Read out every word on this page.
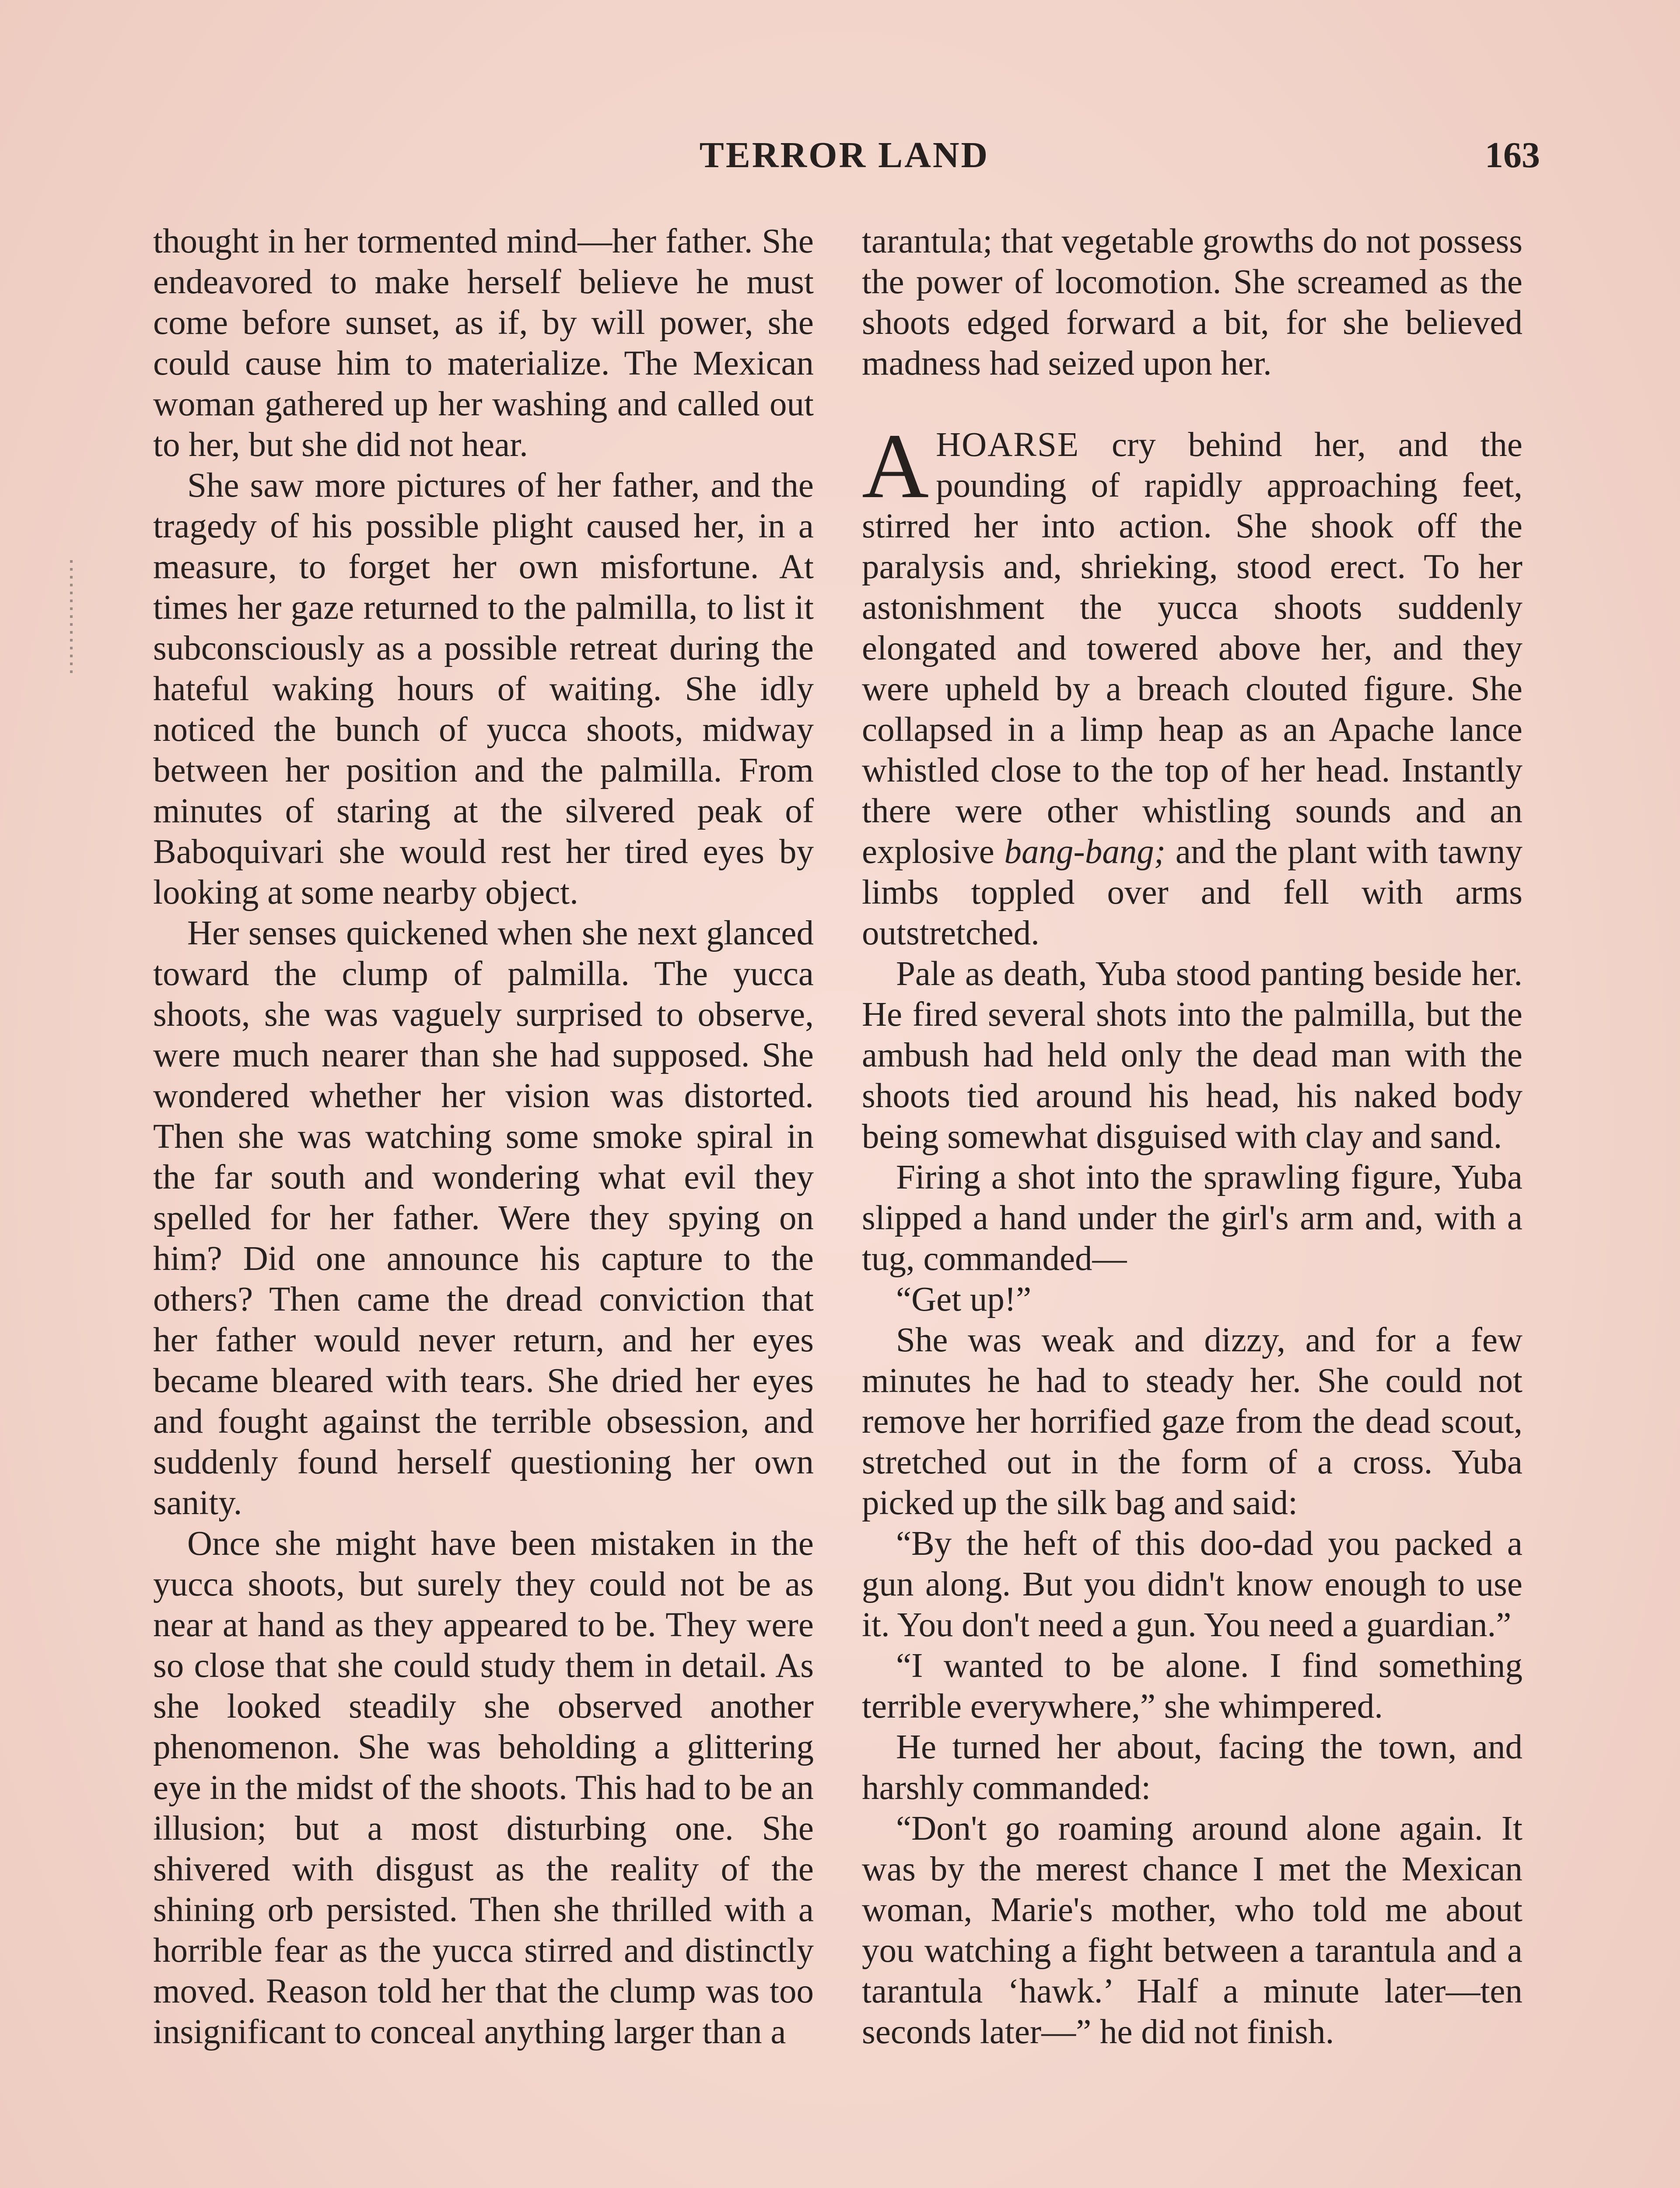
TERROR LAND	163

thought in her tormented mind—her father. She endeavored to make herself believe he must come before sunset, as if, by will power, she could cause him to materialize. The Mexican woman gathered up her washing and called out to her, but she did not hear.

She saw more pictures of her father, and the tragedy of his possible plight caused her, in a measure, to forget her own misfortune. At times her gaze returned to the palmilla, to list it subconsciously as a possible retreat during the hateful waking hours of waiting. She idly noticed the bunch of yucca shoots, midway between her position and the palmilla. From minutes of staring at the silvered peak of Baboquivari she would rest her tired eyes by looking at some nearby object.

Her senses quickened when she next glanced toward the clump of palmilla. The yucca shoots, she was vaguely surprised to observe, were much nearer than she had supposed. She wondered whether her vision was distorted. Then she was watching some smoke spiral in the far south and wondering what evil they spelled for her father. Were they spying on him? Did one announce his capture to the others? Then came the dread conviction that her father would never return, and her eyes became bleared with tears. She dried her eyes and fought against the terrible obsession, and suddenly found herself questioning her own sanity.

Once she might have been mistaken in the yucca shoots, but surely they could not be as near at hand as they appeared to be. They were so close that she could study them in detail. As she looked steadily she observed another phenomenon. She was beholding a glittering eye in the midst of the shoots. This had to be an illusion; but a most disturbing one. She shivered with disgust as the reality of the shining orb persisted. Then she thrilled with a horrible fear as the yucca stirred and distinctly moved. Reason told her that the clump was too insignificant to conceal anything larger than a

tarantula; that vegetable growths do not possess the power of locomotion. She screamed as the shoots edged forward a bit, for she believed madness had seized upon her.

AHOARSE cry behind her, and the pounding of rapidly approaching feet, stirred her into action. She shook off the paralysis and, shrieking, stood erect. To her astonishment the yucca shoots suddenly elongated and towered above her, and they were upheld by a breach clouted figure. She collapsed in a limp heap as an Apache lance whistled close to the top of her head. Instantly there were other whistling sounds and an explosive bang-bang; and the plant with tawny limbs toppled over and fell with arms outstretched.

Pale as death, Yuba stood panting beside her. He fired several shots into the palmilla, but the ambush had held only the dead man with the shoots tied around his head, his naked body being somewhat disguised with clay and sand.

Firing a shot into the sprawling figure, Yuba slipped a hand under the girl's arm and, with a tug, commanded—

“Get up!”

She was weak and dizzy, and for a few minutes he had to steady her. She could not remove her horrified gaze from the dead scout, stretched out in the form of a cross. Yuba picked up the silk bag and said:

“By the heft of this doo-dad you packed a gun along. But you didn't know enough to use it. You don't need a gun. You need a guardian.”

“I wanted to be alone. I find something terrible everywhere,” she whimpered.

He turned her about, facing the town, and harshly commanded:

“Don't go roaming around alone again. It was by the merest chance I met the Mexican woman, Marie's mother, who told me about you watching a fight between a tarantula and a tarantula ‘hawk.’ Half a minute later—ten seconds later—” he did not finish.
